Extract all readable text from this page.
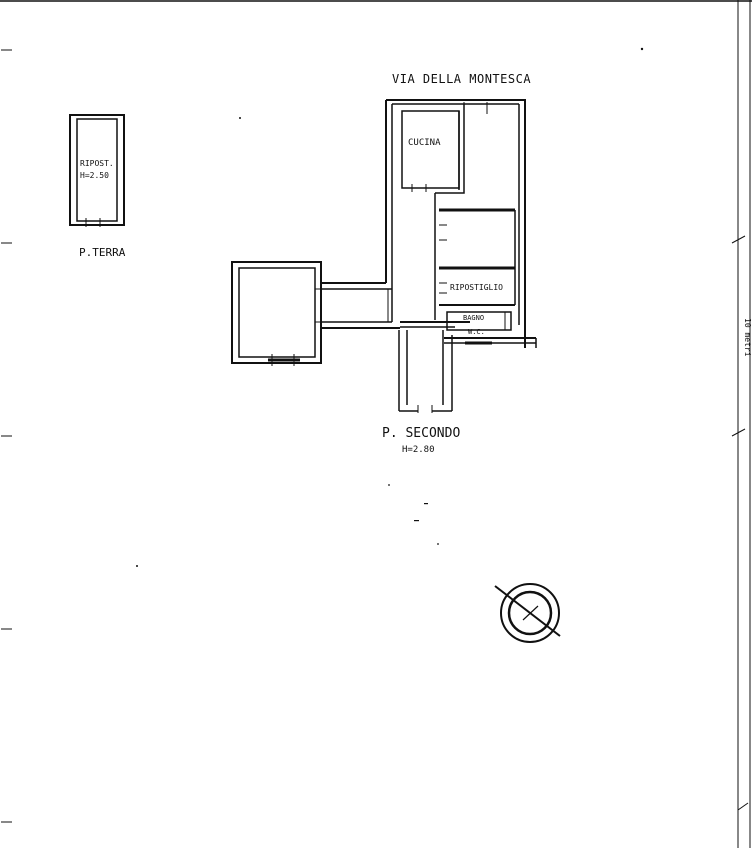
10 metri
VIA DELLA MONTESCA
RIPOST.
H=2.50
P.TERRA
CUCINA
RIPOSTIGLIO
BAGNO
W.C.
P. SECONDO
H=2.80
